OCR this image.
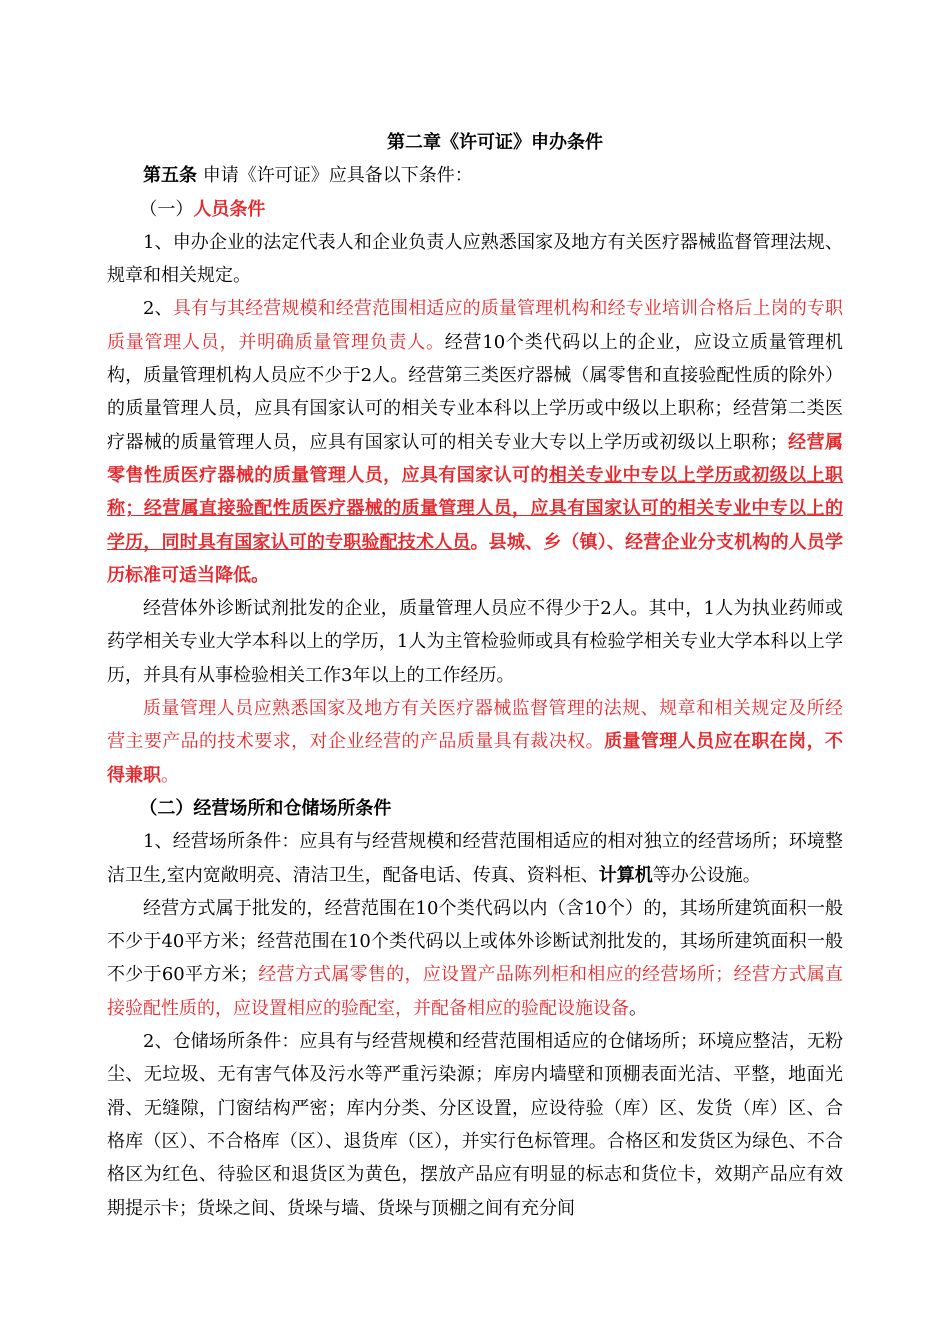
第二章《许可证》申办条件

第五条 申请《许可证》应具备以下条件：

（一）人员条件

1、申办企业的法定代表人和企业负责人应熟悉国家及地方有关医疗器械监督管理法规、规章和相关规定。

2、具有与其经营规模和经营范围相适应的质量管理机构和经专业培训合格后上岗的专职质量管理人员，并明确质量管理负责人。经营10个类代码以上的企业，应设立质量管理机构，质量管理机构人员应不少于2人。经营第三类医疗器械（属零售和直接验配性质的除外）的质量管理人员，应具有国家认可的相关专业本科以上学历或中级以上职称；经营第二类医疗器械的质量管理人员，应具有国家认可的相关专业大专以上学历或初级以上职称；经营属零售性质医疗器械的质量管理人员，应具有国家认可的相关专业中专以上学历或初级以上职称；经营属直接验配性质医疗器械的质量管理人员，应具有国家认可的相关专业中专以上的学历，同时具有国家认可的专职验配技术人员。县城、乡（镇）、经营企业分支机构的人员学历标准可适当降低。

经营体外诊断试剂批发的企业，质量管理人员应不得少于2人。其中，1人为执业药师或药学相关专业大学本科以上的学历，1人为主管检验师或具有检验学相关专业大学本科以上学历，并具有从事检验相关工作3年以上的工作经历。

质量管理人员应熟悉国家及地方有关医疗器械监督管理的法规、规章和相关规定及所经营主要产品的技术要求，对企业经营的产品质量具有裁决权。质量管理人员应在职在岗，不得兼职。

（二）经营场所和仓储场所条件

1、经营场所条件：应具有与经营规模和经营范围相适应的相对独立的经营场所；环境整洁卫生,室内宽敞明亮、清洁卫生，配备电话、传真、资料柜、计算机等办公设施。

经营方式属于批发的，经营范围在10个类代码以内（含10个）的，其场所建筑面积一般不少于40平方米；经营范围在10个类代码以上或体外诊断试剂批发的，其场所建筑面积一般不少于60平方米；经营方式属零售的，应设置产品陈列柜和相应的经营场所；经营方式属直接验配性质的，应设置相应的验配室，并配备相应的验配设施设备。

2、仓储场所条件：应具有与经营规模和经营范围相适应的仓储场所；环境应整洁，无粉尘、无垃圾、无有害气体及污水等严重污染源；库房内墙壁和顶棚表面光洁、平整，地面光滑、无缝隙，门窗结构严密；库内分类、分区设置，应设待验（库）区、发货（库）区、合格库（区）、不合格库（区）、退货库（区），并实行色标管理。合格区和发货区为绿色、不合格区为红色、待验区和退货区为黄色，摆放产品应有明显的标志和货位卡，效期产品应有效期提示卡；货垛之间、货垛与墙、货垛与顶棚之间有充分间
